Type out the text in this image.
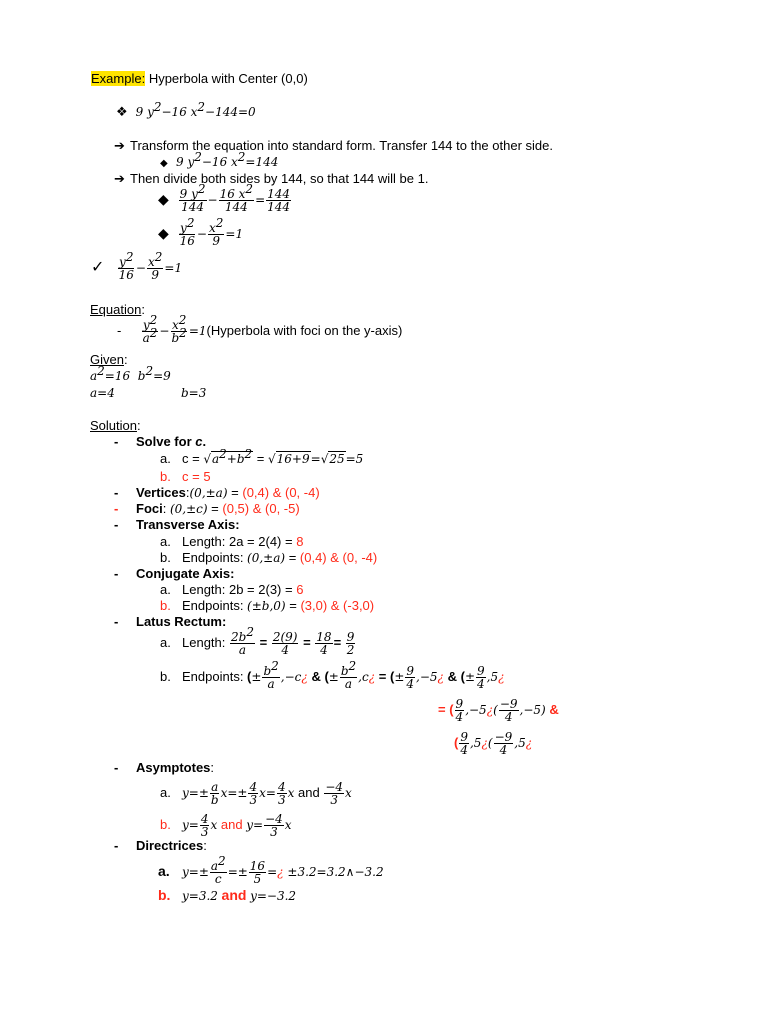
Example: Hyperbola with Center (0,0)
❖ 9 $y^2-16$ $x^2-144=0$
➔ Transform the equation into standard form. Transfer 144 to the other side.
◆ 9 $y^2-16$ $x^2=144$
➔ Then divide both sides by 144, so that 144 will be 1.
◆ $\frac{9 y^2}{144} - \frac{16 x^2}{144} = \frac{144}{144}$
◆ $\frac{y^2}{16} - \frac{x^2}{9} =1$
✓ $\frac{y^2}{16} - \frac{x^2}{9} =1$
Equation:
- $\frac{y^2}{a^2} - \frac{x^2}{b^2}$ =1(Hyperbola with foci on the y-axis)
Given:
$a^2=16$  $b^2=9$
a=4	b=3
Solution:
- Solve for c.
a. $c = √a^2+b^2 = √16+9=√25=5$
b. c = 5
- Vertices:(0,±a) = (0,4) & (0, -4)
- Foci: (0,±c) = (0,5) & (0, -5)
- Transverse Axis:
a. Length: 2a = 2(4) = 8
b. Endpoints: (0,±a) = (0,4) & (0, -4)
- Conjugate Axis:
a. Length: 2b = 2(3) = 6
b. Endpoints: (±b,0) = (3,0) & (-3,0)
- Latus Rectum:
a. Length: $\frac{2b^2}{a} = \frac{2(9)}{4} = \frac{18}{4} = \frac{9}{2}$
b. Endpoints: (± $\frac{b^2}{a}$ ,−c¿ & (± $\frac{b^2}{a}$ ,c¿ = (± $\frac{9}{4}$ ,−5¿ & (± $\frac{9}{4}$ ,5¿
= ( $\frac{9}{4}$ ,−5¿( $\frac{-9}{4} ,-5$) &
( $\frac{9}{4}$ ,5¿( $\frac{-9}{4}$ ,5¿
- Asymptotes:
a. $y=\pm \frac{a}{b} x=\pm \frac{4}{3} x= \frac{4}{3}$ x and $\frac{-4}{3}$ x
b. $y= \frac{4}{3}$ x and $y= \frac{-4}{3}$ x
- Directrices:
a. $y=\pm \frac{a^2}{c} =\pm \frac{16}{5}$ =¿ ±3.2=3.2∧−3.2
b. y=3.2 and y=−3.2
